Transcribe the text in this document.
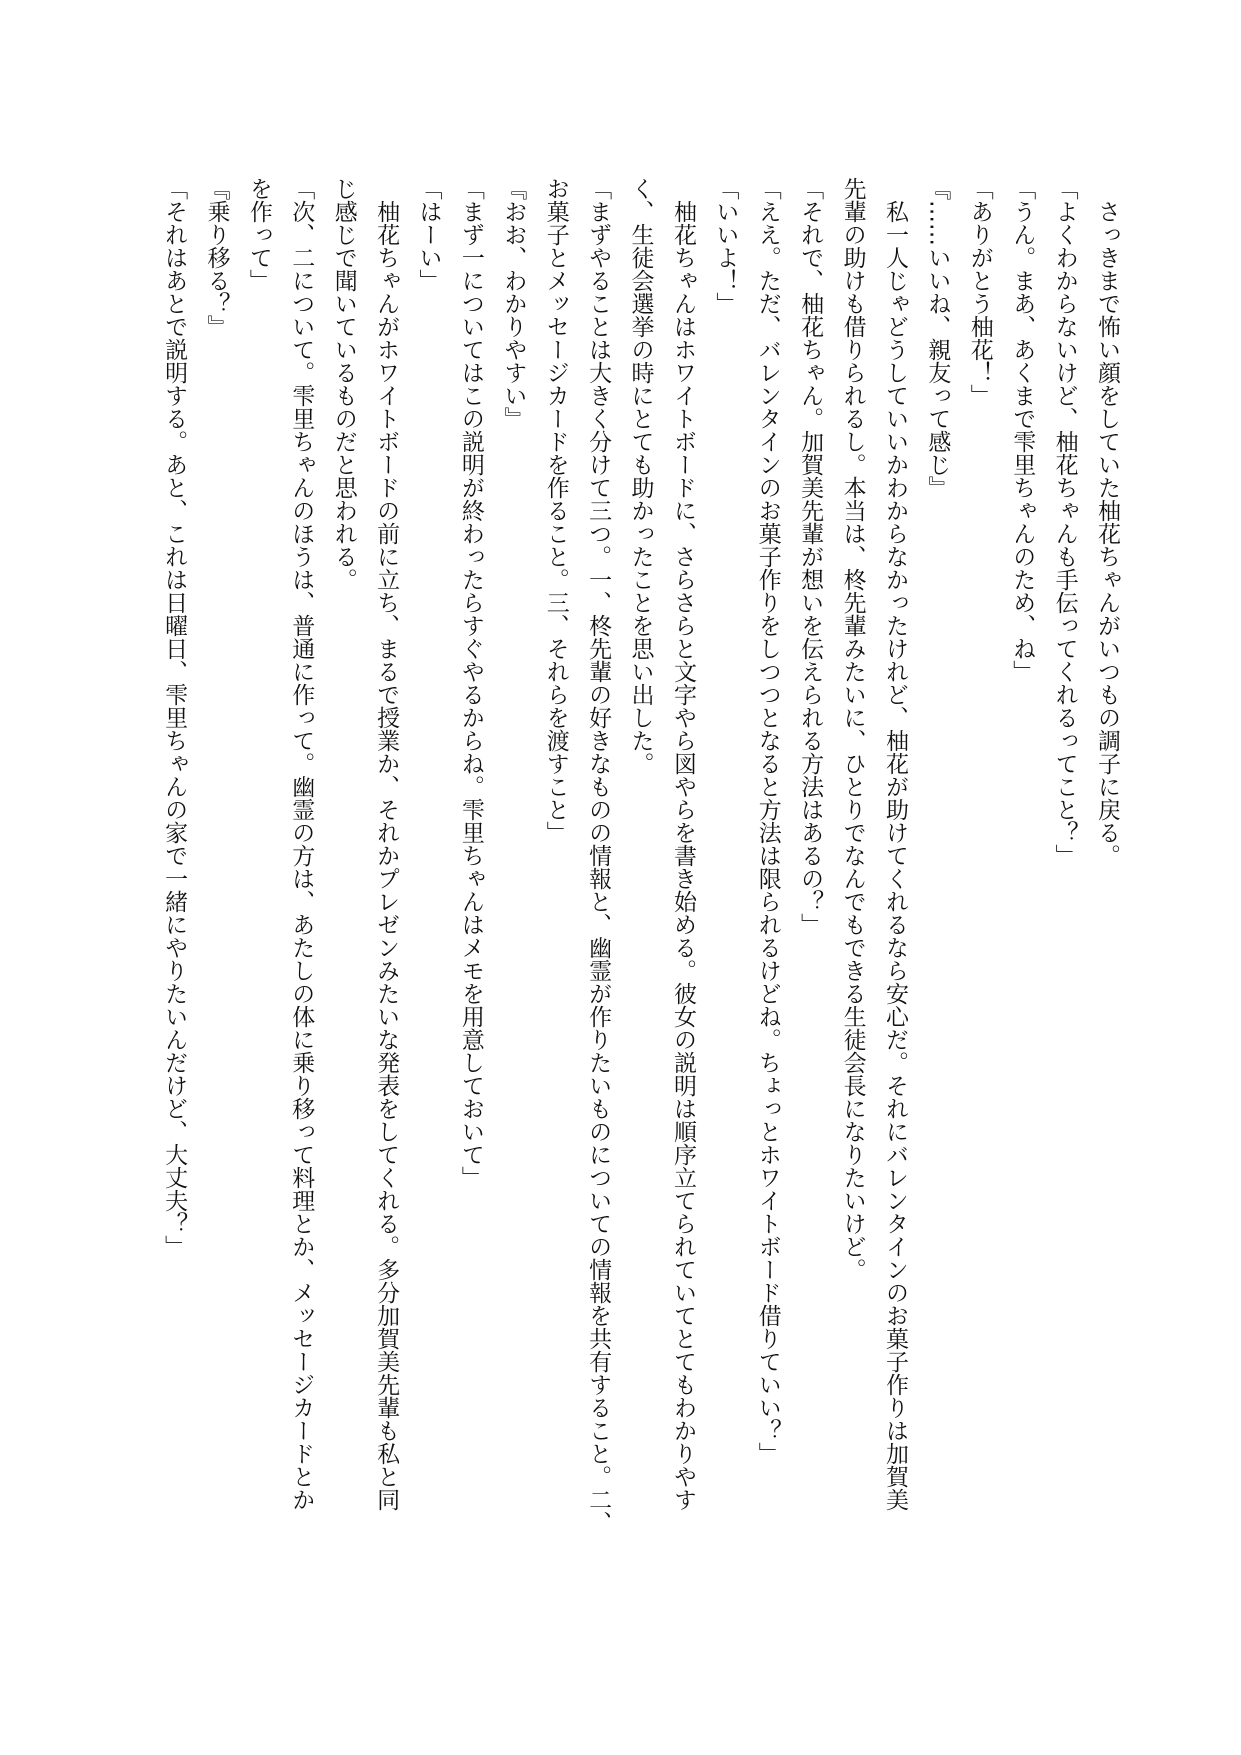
　さっきまで怖い顔をしていた柚花ちゃんがいつもの調子に戻る。
「よくわからないけど、柚花ちゃんも手伝ってくれるってこと？」
「うん。まあ、あくまで雫里ちゃんのため、ね」
「ありがとう柚花！」
『……いいね、親友って感じ』
　私一人じゃどうしていいかわからなかったけれど、柚花が助けてくれるなら安心だ。それにバレンタインのお菓子作りは加賀美
先輩の助けも借りられるし。本当は、柊先輩みたいに、ひとりでなんでもできる生徒会長になりたいけど。
「それで、柚花ちゃん。加賀美先輩が想いを伝えられる方法はあるの？」
「ええ。ただ、バレンタインのお菓子作りをしつつとなると方法は限られるけどね。ちょっとホワイトボード借りていい？」
「いいよ！」
　柚花ちゃんはホワイトボードに、さらさらと文字やら図やらを書き始める。彼女の説明は順序立てられていてとてもわかりやす
く、生徒会選挙の時にとても助かったことを思い出した。
「まずやることは大きく分けて三つ。一、柊先輩の好きなものの情報と、幽霊が作りたいものについての情報を共有すること。二、
お菓子とメッセージカードを作ること。三、それらを渡すこと」
『おお、わかりやすい』
「まず一についてはこの説明が終わったらすぐやるからね。雫里ちゃんはメモを用意しておいて」
「はーい」
　柚花ちゃんがホワイトボードの前に立ち、まるで授業か、それかプレゼンみたいな発表をしてくれる。多分加賀美先輩も私と同
じ感じで聞いているものだと思われる。
「次、二について。雫里ちゃんのほうは、普通に作って。幽霊の方は、あたしの体に乗り移って料理とか、メッセージカードとか
を作って」
『乗り移る？』
「それはあとで説明する。あと、これは日曜日、雫里ちゃんの家で一緒にやりたいんだけど、大丈夫？」
